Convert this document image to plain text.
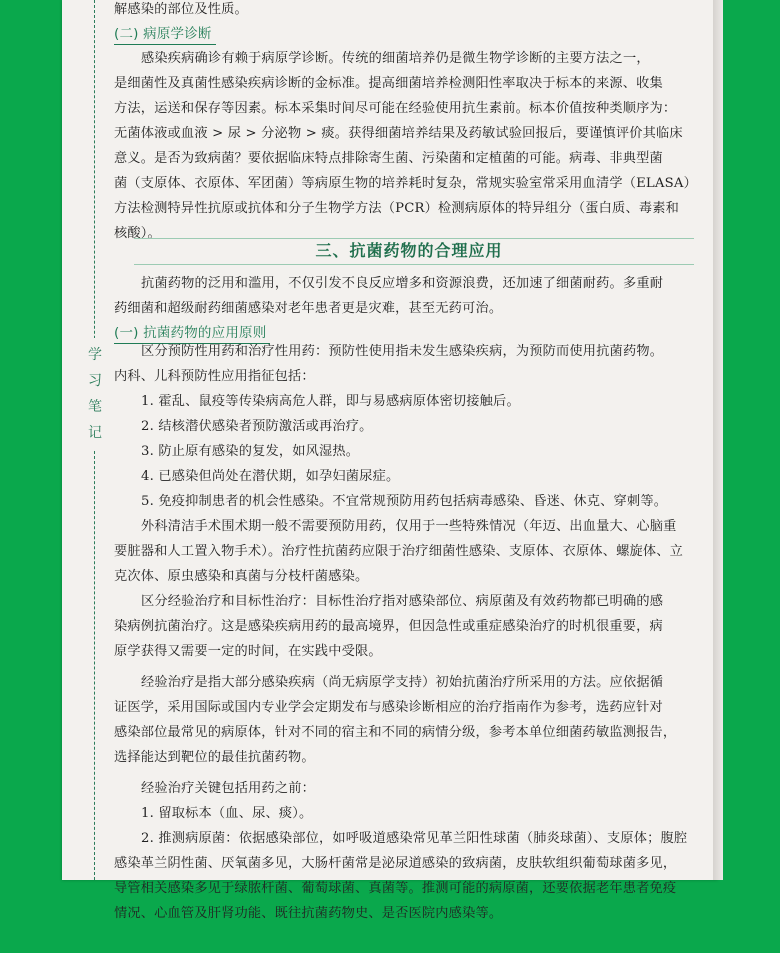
学
习
笔
记
解感染的部位及性质。
(二) 病原学诊断
感染疾病确诊有赖于病原学诊断。传统的细菌培养仍是微生物学诊断的主要方法之一，
是细菌性及真菌性感染疾病诊断的金标准。提高细菌培养检测阳性率取决于标本的来源、收集
方法，运送和保存等因素。标本采集时间尽可能在经验使用抗生素前。标本价值按种类顺序为：
无菌体液或血液 > 尿 > 分泌物 > 痰。获得细菌培养结果及药敏试验回报后，要谨慎评价其临床
意义。是否为致病菌？要依据临床特点排除寄生菌、污染菌和定植菌的可能。病毒、非典型菌
菌（支原体、衣原体、军团菌）等病原生物的培养耗时复杂，常规实验室常采用血清学（ELASA）
方法检测特异性抗原或抗体和分子生物学方法（PCR）检测病原体的特异组分（蛋白质、毒素和
核酸）。
三、抗菌药物的合理应用
抗菌药物的泛用和滥用，不仅引发不良反应增多和资源浪费，还加速了细菌耐药。多重耐
药细菌和超级耐药细菌感染对老年患者更是灾难，甚至无药可治。
(一) 抗菌药物的应用原则
区分预防性用药和治疗性用药：预防性使用指未发生感染疾病，为预防而使用抗菌药物。
内科、儿科预防性应用指征包括：
1. 霍乱、鼠疫等传染病高危人群，即与易感病原体密切接触后。
2. 结核潜伏感染者预防激活或再治疗。
3. 防止原有感染的复发，如风湿热。
4. 已感染但尚处在潜伏期，如孕妇菌尿症。
5. 免疫抑制患者的机会性感染。不宜常规预防用药包括病毒感染、昏迷、休克、穿刺等。
外科清洁手术围术期一般不需要预防用药，仅用于一些特殊情况（年迈、出血量大、心脑重
要脏器和人工置入物手术）。治疗性抗菌药应限于治疗细菌性感染、支原体、衣原体、螺旋体、立
克次体、原虫感染和真菌与分枝杆菌感染。
区分经验治疗和目标性治疗：目标性治疗指对感染部位、病原菌及有效药物都已明确的感
染病例抗菌治疗。这是感染疾病用药的最高境界，但因急性或重症感染治疗的时机很重要，病
原学获得又需要一定的时间，在实践中受限。
经验治疗是指大部分感染疾病（尚无病原学支持）初始抗菌治疗所采用的方法。应依据循
证医学，采用国际或国内专业学会定期发布与感染诊断相应的治疗指南作为参考，选药应针对
感染部位最常见的病原体，针对不同的宿主和不同的病情分级，参考本单位细菌药敏监测报告，
选择能达到靶位的最佳抗菌药物。
经验治疗关键包括用药之前：
1. 留取标本（血、尿、痰）。
2. 推测病原菌：依据感染部位，如呼吸道感染常见革兰阳性球菌（肺炎球菌）、支原体；腹腔
感染革兰阴性菌、厌氧菌多见，大肠杆菌常是泌尿道感染的致病菌，皮肤软组织葡萄球菌多见，
导管相关感染多见于绿脓杆菌、葡萄球菌、真菌等。推测可能的病原菌，还要依据老年患者免疫
情况、心血管及肝肾功能、既往抗菌药物史、是否医院内感染等。
